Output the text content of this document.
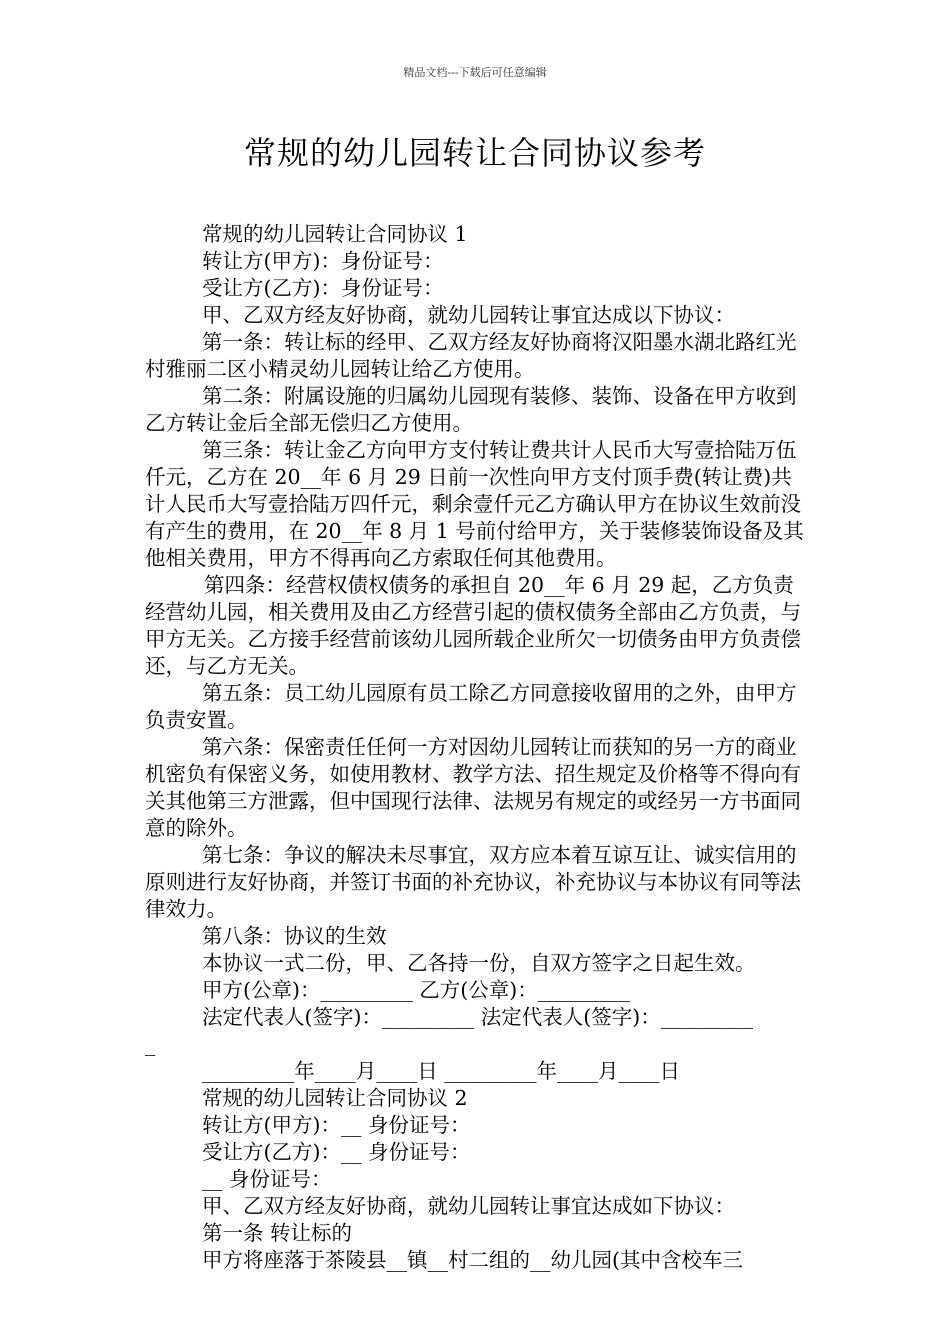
精品文档---下载后可任意编辑
常规的幼儿园转让合同协议参考

常规的幼儿园转让合同协议 1

转让方(甲方)：身份证号：

受让方(乙方)：身份证号：

甲、乙双方经友好协商，就幼儿园转让事宜达成以下协议：

第一条：转让标的经甲、乙双方经友好协商将汉阳墨水湖北路红光村雅丽二区小精灵幼儿园转让给乙方使用。

第二条：附属设施的归属幼儿园现有装修、装饰、设备在甲方收到乙方转让金后全部无偿归乙方使用。

第三条：转让金乙方向甲方支付转让费共计人民币大写壹拾陆万伍仟元，乙方在 20__年 6 月 29 日前一次性向甲方支付顶手费(转让费)共计人民币大写壹拾陆万四仟元，剩余壹仟元乙方确认甲方在协议生效前没有产生的费用，在 20__年 8 月 1 号前付给甲方，关于装修装饰设备及其他相关费用，甲方不得再向乙方索取任何其他费用。

第四条：经营权债权债务的承担自 20__年 6 月 29 起，乙方负责经营幼儿园，相关费用及由乙方经营引起的债权债务全部由乙方负责，与甲方无关。乙方接手经营前该幼儿园所载企业所欠一切债务由甲方负责偿还，与乙方无关。

第五条：员工幼儿园原有员工除乙方同意接收留用的之外，由甲方负责安置。

第六条：保密责任任何一方对因幼儿园转让而获知的另一方的商业机密负有保密义务，如使用教材、教学方法、招生规定及价格等不得向有关其他第三方泄露，但中国现行法律、法规另有规定的或经另一方书面同意的除外。

第七条：争议的解决未尽事宜，双方应本着互谅互让、诚实信用的原则进行友好协商，并签订书面的补充协议，补充协议与本协议有同等法律效力。

第八条：协议的生效

本协议一式二份，甲、乙各持一份，自双方签字之日起生效。

甲方(公章)：_________ 乙方(公章)：_________

法定代表人(签字)：_________ 法定代表人(签字)：_________

_

_________年____月____日 _________年____月____日

常规的幼儿园转让合同协议 2

转让方(甲方)：__ 身份证号：

受让方(乙方)：__ 身份证号：

__ 身份证号：

甲、乙双方经友好协商，就幼儿园转让事宜达成如下协议：

第一条 转让标的

甲方将座落于茶陵县__镇__村二组的__幼儿园(其中含校车三
